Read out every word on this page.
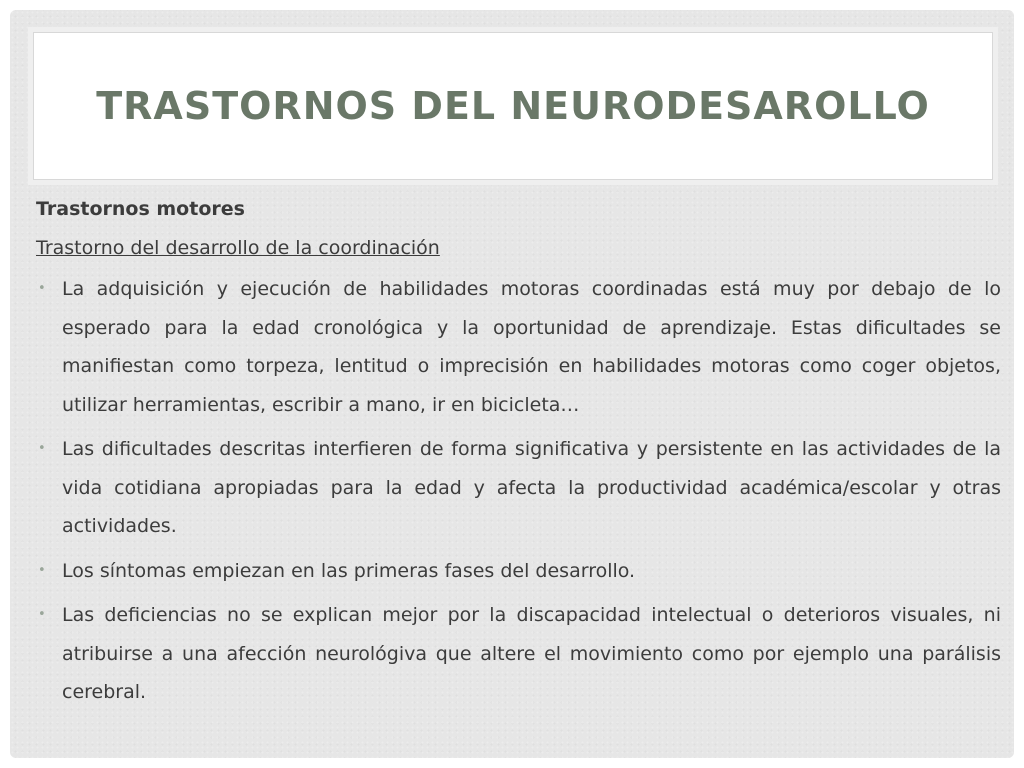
TRASTORNOS DEL NEURODESAROLLO

Trastornos motores

Trastorno del desarrollo de la coordinación

• La adquisición y ejecución de habilidades motoras coordinadas está muy por debajo de lo esperado para la edad cronológica y la oportunidad de aprendizaje. Estas dificultades se manifiestan como torpeza, lentitud o imprecisión en habilidades motoras como coger objetos, utilizar herramientas, escribir a mano, ir en bicicleta…
• Las dificultades descritas interfieren de forma significativa y persistente en las actividades de la vida cotidiana apropiadas para la edad y afecta la productividad académica/escolar y otras actividades.
• Los síntomas empiezan en las primeras fases del desarrollo.
• Las deficiencias no se explican mejor por la discapacidad intelectual o deterioros visuales, ni atribuirse a una afección neurológiva que altere el movimiento como por ejemplo una parálisis cerebral.
